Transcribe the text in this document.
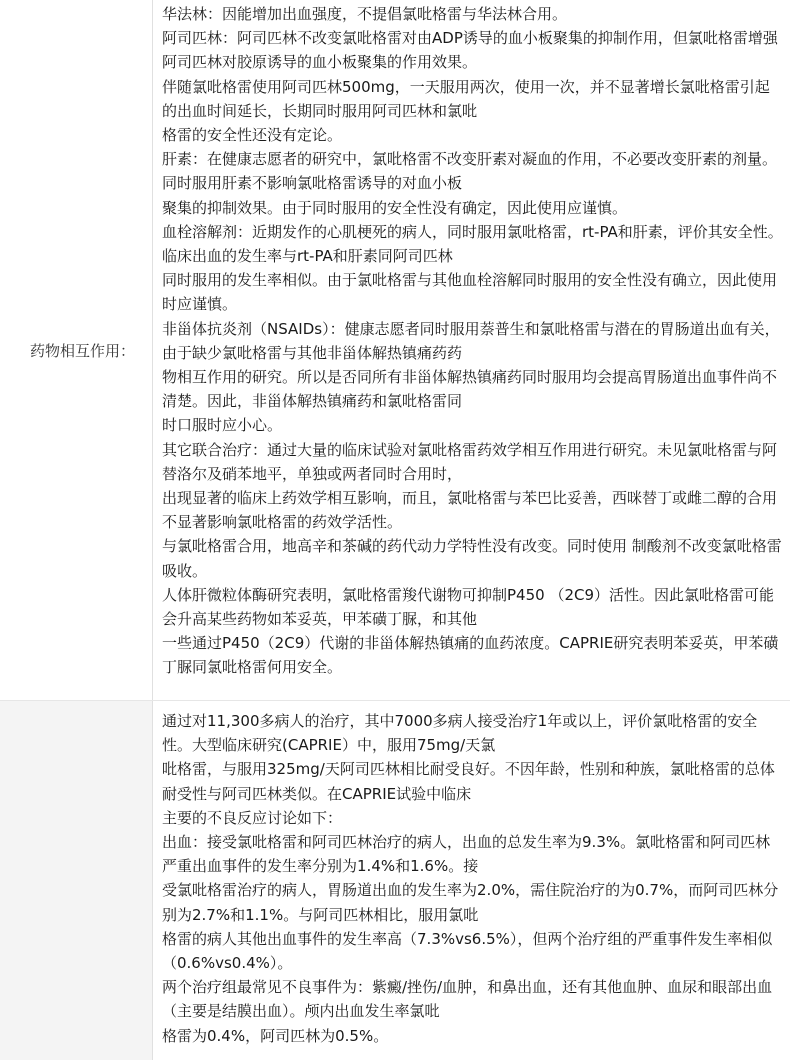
药物相互作用：

华法林：因能增加出血强度，不提倡氯吡格雷与华法林合用。

阿司匹林：阿司匹林不改变氯吡格雷对由ADP诱导的血小板聚集的抑制作用，但氯吡格雷增强阿司匹林对胶原诱导的血小板聚集的作用效果。

伴随氯吡格雷使用阿司匹林500mg，一天服用两次，使用一次，并不显著增长氯吡格雷引起的出血时间延长，长期同时服用阿司匹林和氯吡

格雷的安全性还没有定论。

肝素：在健康志愿者的研究中，氯吡格雷不改变肝素对凝血的作用，不必要改变肝素的剂量。同时服用肝素不影响氯吡格雷诱导的对血小板

聚集的抑制效果。由于同时服用的安全性没有确定，因此使用应谨慎。

血栓溶解剂：近期发作的心肌梗死的病人，同时服用氯吡格雷，rt-PA和肝素，评价其安全性。临床出血的发生率与rt-PA和肝素同阿司匹林

同时服用的发生率相似。由于氯吡格雷与其他血栓溶解同时服用的安全性没有确立，因此使用时应谨慎。

非甾体抗炎剂（NSAIDs）：健康志愿者同时服用萘普生和氯吡格雷与潜在的胃肠道出血有关，由于缺少氯吡格雷与其他非甾体解热镇痛药药

物相互作用的研究。所以是否同所有非甾体解热镇痛药同时服用均会提高胃肠道出血事件尚不清楚。因此，非甾体解热镇痛药和氯吡格雷同

时口服时应小心。

其它联合治疗：通过大量的临床试验对氯吡格雷药效学相互作用进行研究。未见氯吡格雷与阿替洛尔及硝苯地平，单独或两者同时合用时，

出现显著的临床上药效学相互影响，而且，氯吡格雷与苯巴比妥善，西咪替丁或雌二醇的合用不显著影响氯吡格雷的药效学活性。

与氯吡格雷合用，地高辛和茶碱的药代动力学特性没有改变。同时使用 制酸剂不改变氯吡格雷吸收。

人体肝微粒体酶研究表明，氯吡格雷羧代谢物可抑制P450 （2C9）活性。因此氯吡格雷可能会升高某些药物如苯妥英，甲苯磺丁脲，和其他

一些通过P450（2C9）代谢的非甾体解热镇痛的血药浓度。CAPRIE研究表明苯妥英，甲苯磺丁脲同氯吡格雷何用安全。

通过对11,300多病人的治疗，其中7000多病人接受治疗1年或以上，评价氯吡格雷的安全性。大型临床研究(CAPRIE）中，服用75mg/天氯

吡格雷，与服用325mg/天阿司匹林相比耐受良好。不因年龄，性别和种族，氯吡格雷的总体耐受性与阿司匹林类似。在CAPRIE试验中临床

主要的不良反应讨论如下：

出血：接受氯吡格雷和阿司匹林治疗的病人，出血的总发生率为9.3%。氯吡格雷和阿司匹林严重出血事件的发生率分别为1.4%和1.6%。接

受氯吡格雷治疗的病人，胃肠道出血的发生率为2.0%，需住院治疗的为0.7%，而阿司匹林分别为2.7%和1.1%。与阿司匹林相比，服用氯吡

格雷的病人其他出血事件的发生率高（7.3%vs6.5%），但两个治疗组的严重事件发生率相似（0.6%vs0.4%）。

两个治疗组最常见不良事件为：紫癜/挫伤/血肿，和鼻出血，还有其他血肿、血尿和眼部出血（主要是结膜出血）。颅内出血发生率氯吡

格雷为0.4%，阿司匹林为0.5%。
